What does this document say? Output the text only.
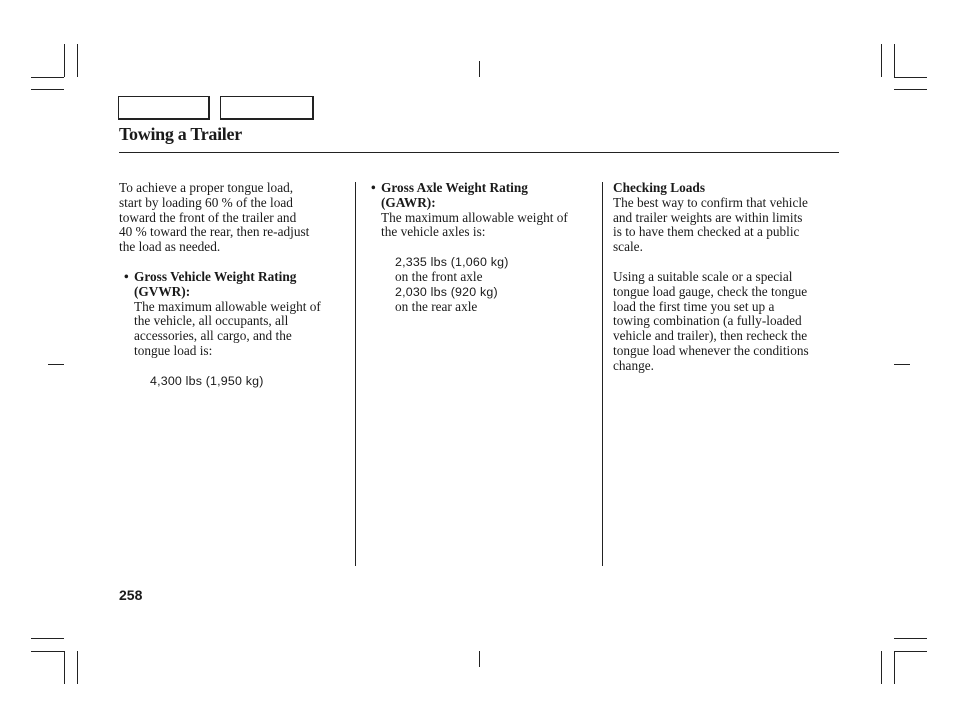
Towing a Trailer

To achieve a proper tongue load,
start by loading 60 % of the load
toward the front of the trailer and
40 % toward the rear, then re-adjust
the load as needed.

• Gross Vehicle Weight Rating
(GVWR):

The maximum allowable weight of
the vehicle, all occupants, all
accessories, all cargo, and the
tongue load is:

4,300 lbs (1,950 kg)

• Gross Axle Weight Rating
(GAWR):

The maximum allowable weight of
the vehicle axles is:

2,335 lbs (1,060 kg)

on the front axle

2,030 lbs (920 kg)

on the rear axle

Checking Loads

The best way to confirm that vehicle
and trailer weights are within limits
is to have them checked at a public
scale.

Using a suitable scale or a special
tongue load gauge, check the tongue
load the first time you set up a
towing combination (a fully-loaded
vehicle and trailer), then recheck the
tongue load whenever the conditions
change.

258
